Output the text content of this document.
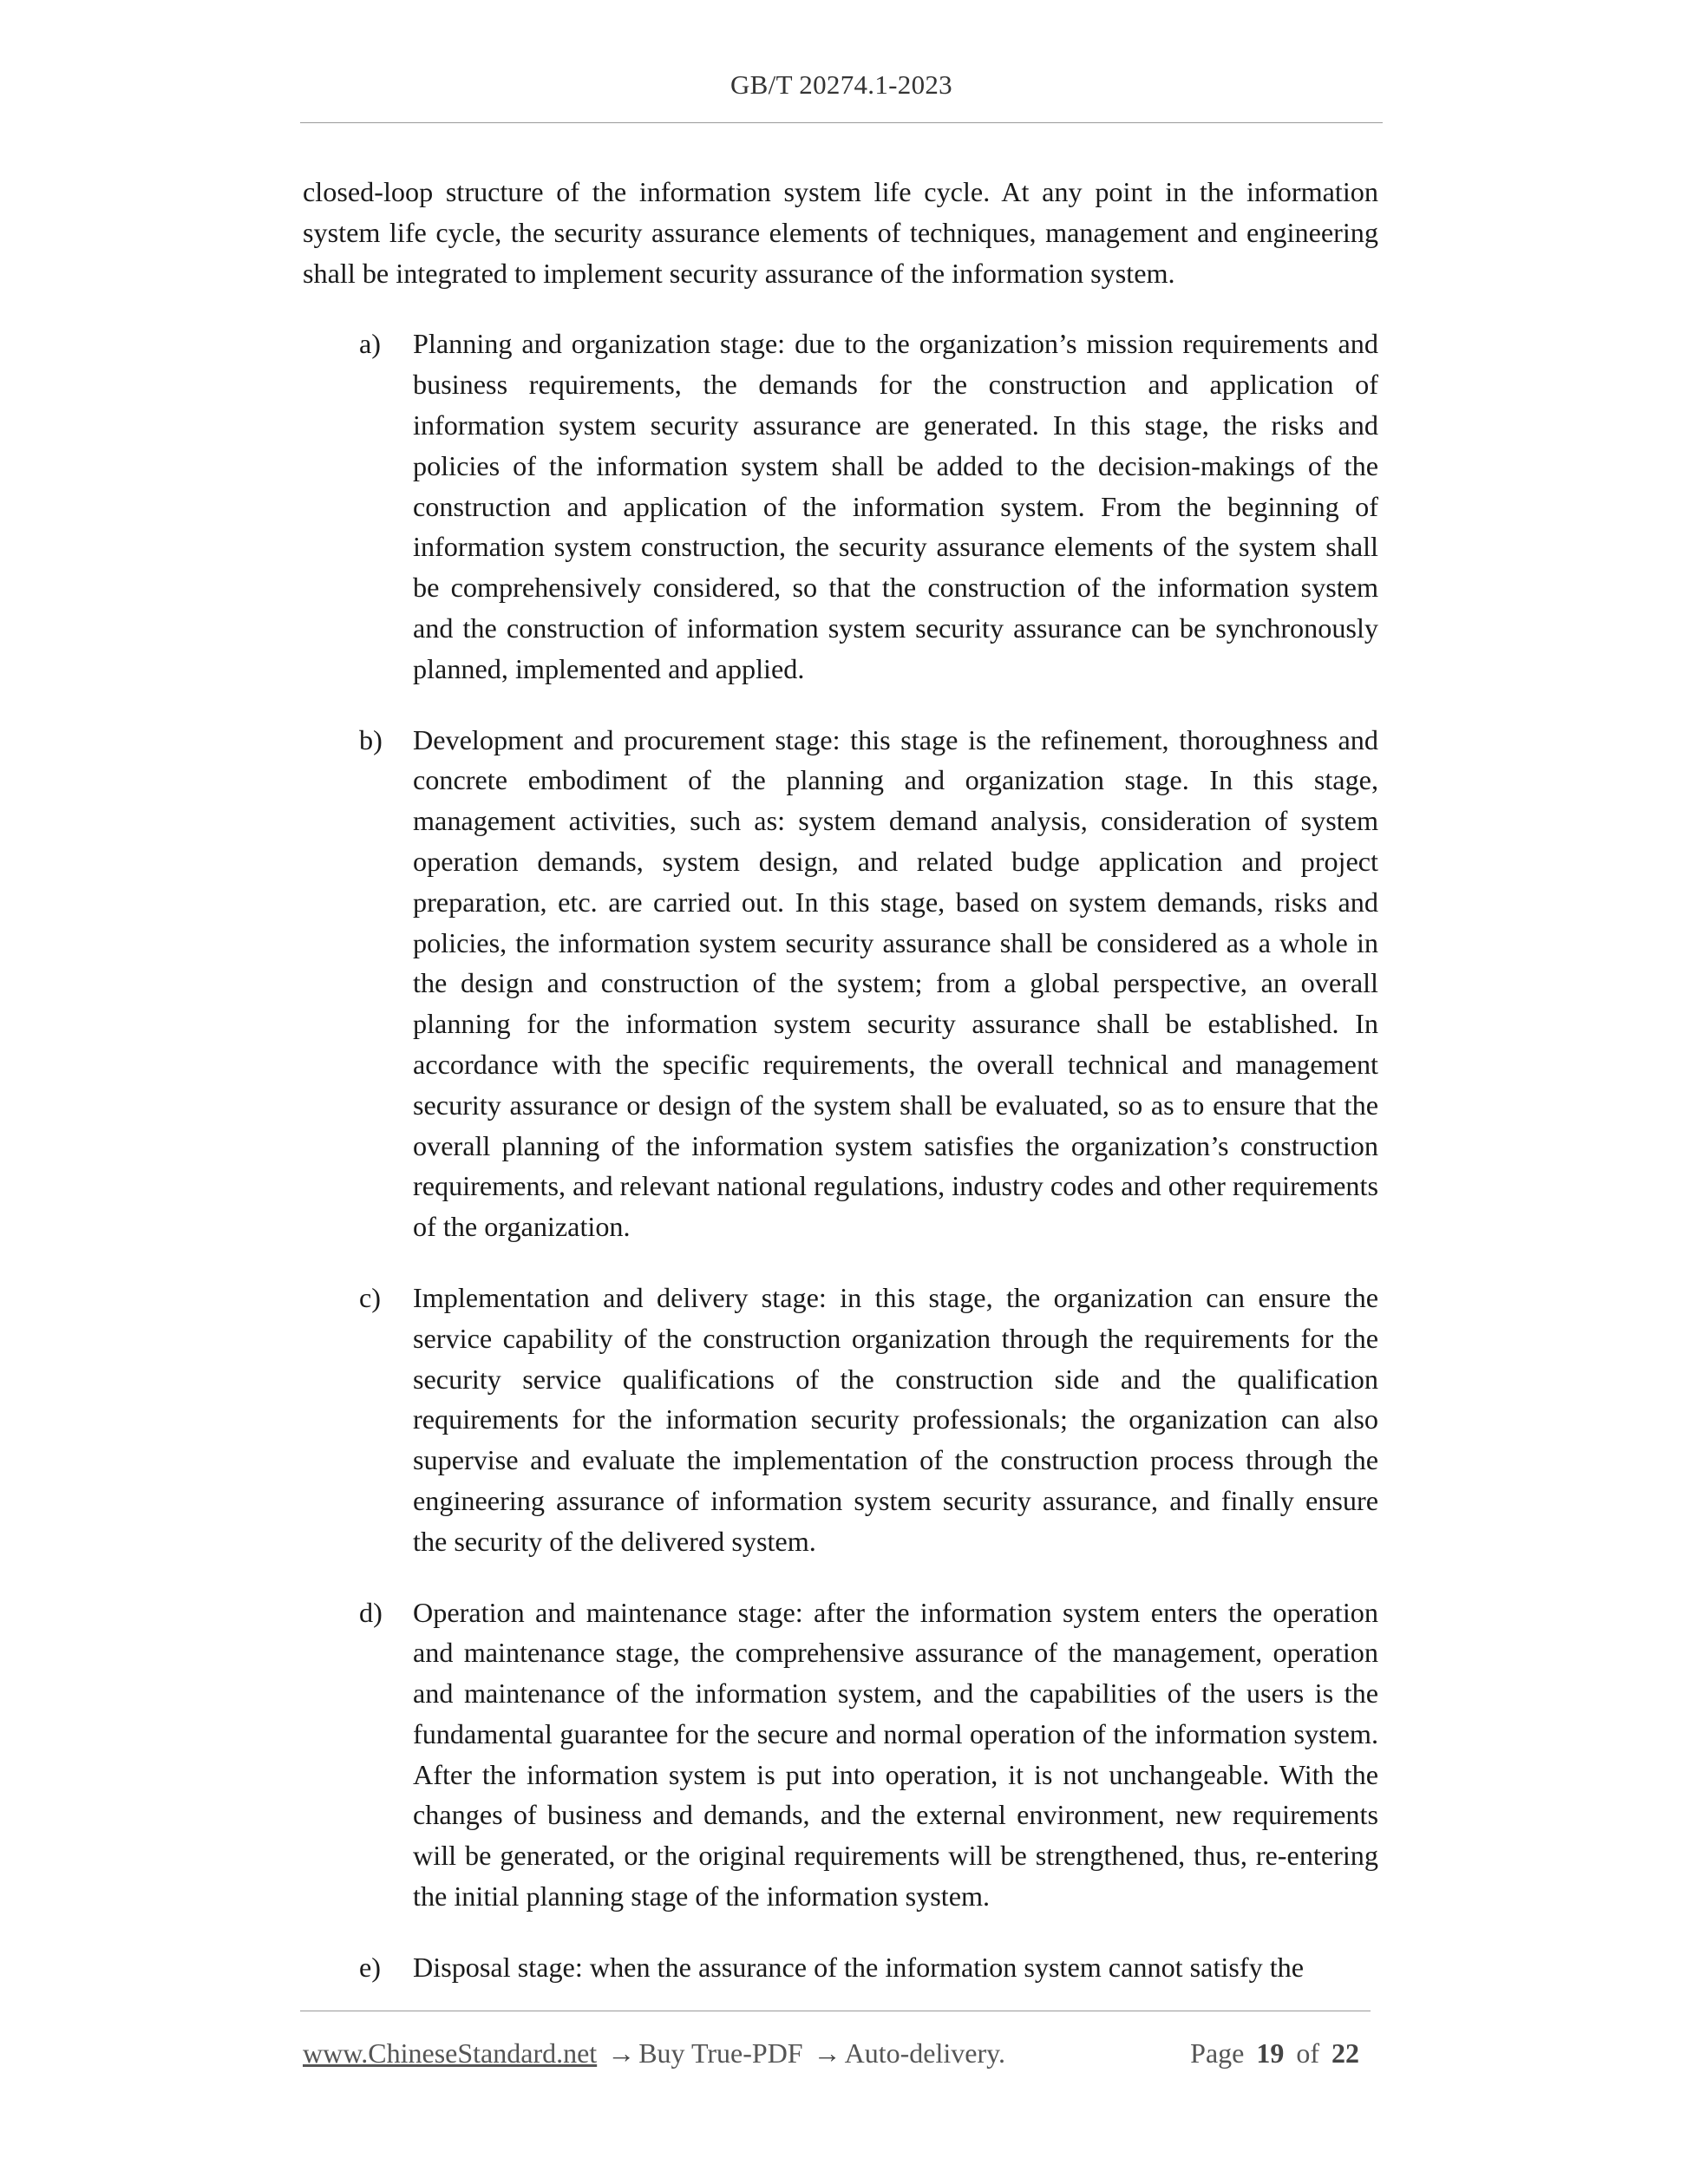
GB/T 20274.1-2023

closed-loop structure of the information system life cycle. At any point in the information system life cycle, the security assurance elements of techniques, management and engineering shall be integrated to implement security assurance of the information system.

a) Planning and organization stage: due to the organization’s mission requirements and business requirements, the demands for the construction and application of information system security assurance are generated. In this stage, the risks and policies of the information system shall be added to the decision-makings of the construction and application of the information system. From the beginning of information system construction, the security assurance elements of the system shall be comprehensively considered, so that the construction of the information system and the construction of information system security assurance can be synchronously planned, implemented and applied.
b) Development and procurement stage: this stage is the refinement, thoroughness and concrete embodiment of the planning and organization stage. In this stage, management activities, such as: system demand analysis, consideration of system operation demands, system design, and related budge application and project preparation, etc. are carried out. In this stage, based on system demands, risks and policies, the information system security assurance shall be considered as a whole in the design and construction of the system; from a global perspective, an overall planning for the information system security assurance shall be established. In accordance with the specific requirements, the overall technical and management security assurance or design of the system shall be evaluated, so as to ensure that the overall planning of the information system satisfies the organization’s construction requirements, and relevant national regulations, industry codes and other requirements of the organization.
c) Implementation and delivery stage: in this stage, the organization can ensure the service capability of the construction organization through the requirements for the security service qualifications of the construction side and the qualification requirements for the information security professionals; the organization can also supervise and evaluate the implementation of the construction process through the engineering assurance of information system security assurance, and finally ensure the security of the delivered system.
d) Operation and maintenance stage: after the information system enters the operation and maintenance stage, the comprehensive assurance of the management, operation and maintenance of the information system, and the capabilities of the users is the fundamental guarantee for the secure and normal operation of the information system. After the information system is put into operation, it is not unchangeable. With the changes of business and demands, and the external environment, new requirements will be generated, or the original requirements will be strengthened, thus, re-entering the initial planning stage of the information system.
e) Disposal stage: when the assurance of the information system cannot satisfy the
www.ChineseStandard.net → Buy True-PDF → Auto-delivery.	Page 19 of 22
